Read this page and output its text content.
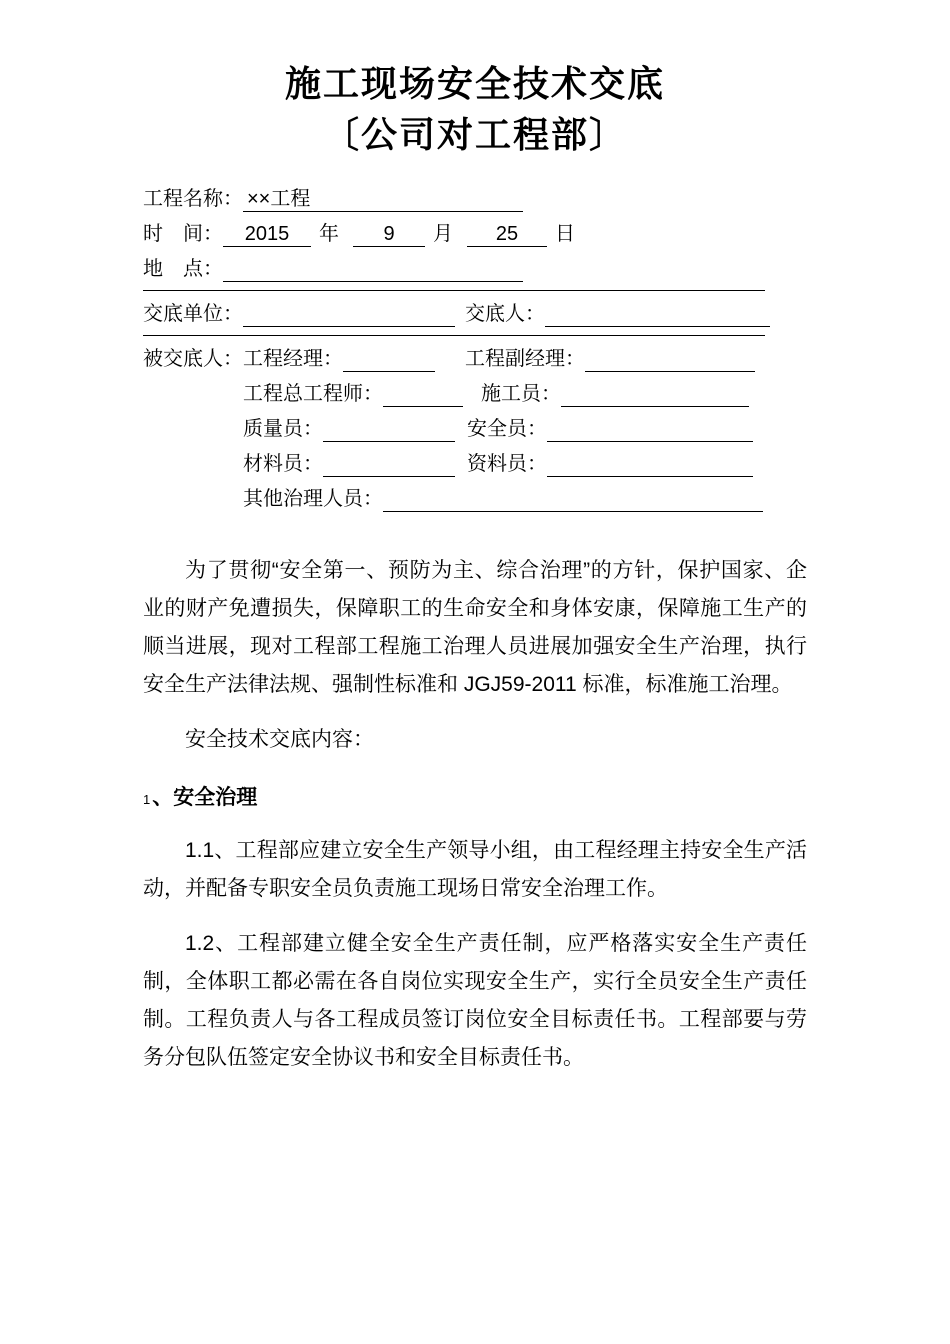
施工现场安全技术交底
〔公司对工程部〕
工程名称： ××工程
时　间：	2015	年	9	月	25	日
地　点：
交底单位：	交底人：
被交底人： 工程经理：	工程副经理：
工程总工程师：	施工员：
质量员：	安全员：
材料员：	资料员：
其他治理人员：

为了贯彻“安全第一、预防为主、综合治理”的方针，保护国家、企业的财产免遭损失，保障职工的生命安全和身体安康，保障施工生产的顺当进展，现对工程部工程施工治理人员进展加强安全生产治理，执行安全生产法律法规、强制性标准和 JGJ59-2011 标准，标准施工治理。

安全技术交底内容：

1、安全治理

1.1、工程部应建立安全生产领导小组，由工程经理主持安全生产活动，并配备专职安全员负责施工现场日常安全治理工作。

1.2、工程部建立健全安全生产责任制，应严格落实安全生产责任制，全体职工都必需在各自岗位实现安全生产，实行全员安全生产责任制。工程负责人与各工程成员签订岗位安全目标责任书。工程部要与劳务分包队伍签定安全协议书和安全目标责任书。
